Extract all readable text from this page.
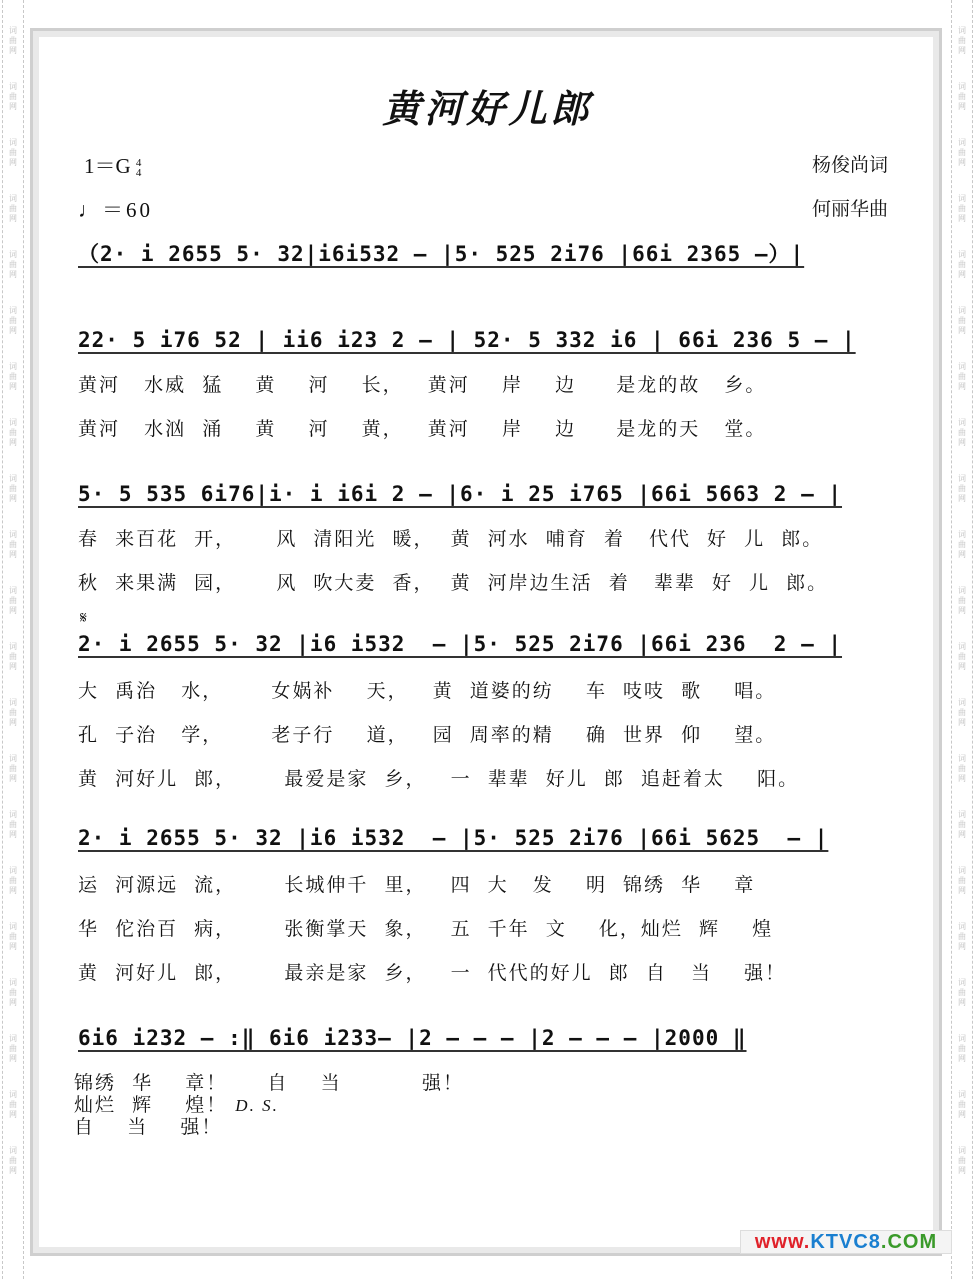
词
曲
网
词
曲
网
词
曲
网
词
曲
网
词
曲
网
词
曲
网
词
曲
网
词
曲
网
词
曲
网
词
曲
网
词
曲
网
词
曲
网
词
曲
网
词
曲
网
词
曲
网
词
曲
网
词
曲
网
词
曲
网
词
曲
网
词
曲
网
词
曲
网
词
曲
网
词
曲
网
词
曲
网
词
曲
网
词
曲
网
词
曲
网
词
曲
网
词
曲
网
词
曲
网
词
曲
网
词
曲
网
词
曲
网
词
曲
网
词
曲
网
词
曲
网
词
曲
网
词
曲
网
词
曲
网
词
曲
网
词
曲
网
词
曲
网
黄河好儿郎
1＝G 4
4
♩＝60
杨俊尚词
何丽华曲
（2· i 2655 5· 32|i6i532 — |5· 525 2i76 |66i 2365 —）|
22· 5 i76 52 | ii6 i23 2 — | 52· 5 332 i6 | 66i 236 5 — |
黄河   水威  猛    黄    河    长，   黄河    岸    边     是龙的故   乡。
黄河   水汹  涌    黄    河    黄，   黄河    岸    边     是龙的天   堂。
5· 5 535 6i76|i· i i6i 2 — |6· i 25 i765 |66i 5663 2 — |
春  来百花  开，     风  清阳光  暖，  黄  河水  哺育  着   代代  好  儿  郎。
秋  来果满  园，     风  吹大麦  香，  黄  河岸边生活  着   辈辈  好  儿  郎。
𝄋
2· i 2655 5· 32 |i6 i532  — |5· 525 2i76 |66i 236  2 — |
大  禹治   水，      女娲补    天，   黄  道婆的纺    车  吱吱  歌    唱。
孔  子治   学，      老子行    道，   园  周率的精    确  世界  仰    望。
黄  河好儿  郎，      最爱是家  乡，   一  辈辈  好儿  郎  追赶着太    阳。
2· i 2655 5· 32 |i6 i532  — |5· 525 2i76 |66i 5625  — |
运  河源远  流，      长城伸千  里，   四  大   发    明  锦绣  华    章
华  佗治百  病，      张衡掌天  象，   五  千年  文    化，灿烂  辉    煌
黄  河好儿  郎，      最亲是家  乡，   一  代代的好儿  郎  自   当    强！
6i6 i232 — :‖ 6i6 i233— |2 — — — |2 — — — |2000 ‖
锦绣  华    章！     自    当          强！
灿烂  辉    煌！ D. S.
自    当    强！
www.KTVC8.COM
